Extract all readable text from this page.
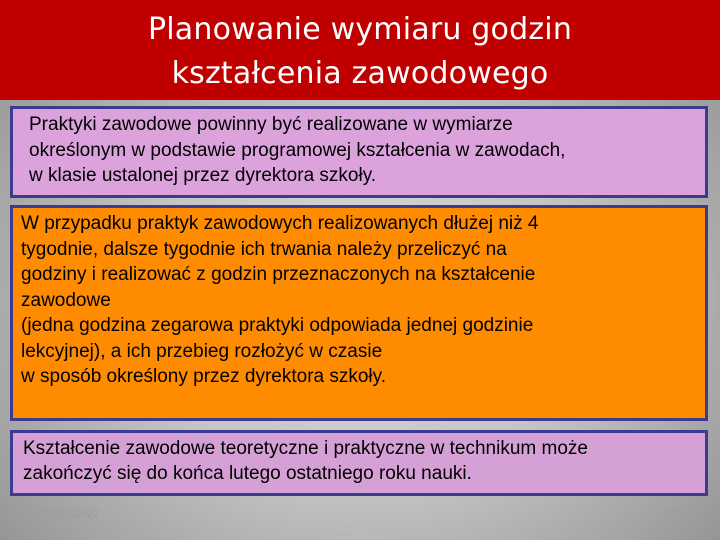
Planowanie wymiaru godzin
kształcenia zawodowego

Praktyki zawodowe powinny być realizowane w wymiarze
określonym w podstawie programowej kształcenia w zawodach,
w klasie ustalonej przez dyrektora szkoły.

W przypadku praktyk zawodowych realizowanych dłużej niż 4
tygodnie, dalsze tygodnie ich trwania należy przeliczyć na
godziny i realizować z godzin przeznaczonych na kształcenie
zawodowe
(jedna godzina zegarowa praktyki odpowiada jednej godzinie
lekcyjnej), a ich przebieg rozłożyć w czasie
w sposób określony przez dyrektora szkoły.

Kształcenie zawodowe teoretyczne i praktyczne w technikum może
zakończyć się do końca lutego ostatniego roku nauki.

10/27/2021	36
